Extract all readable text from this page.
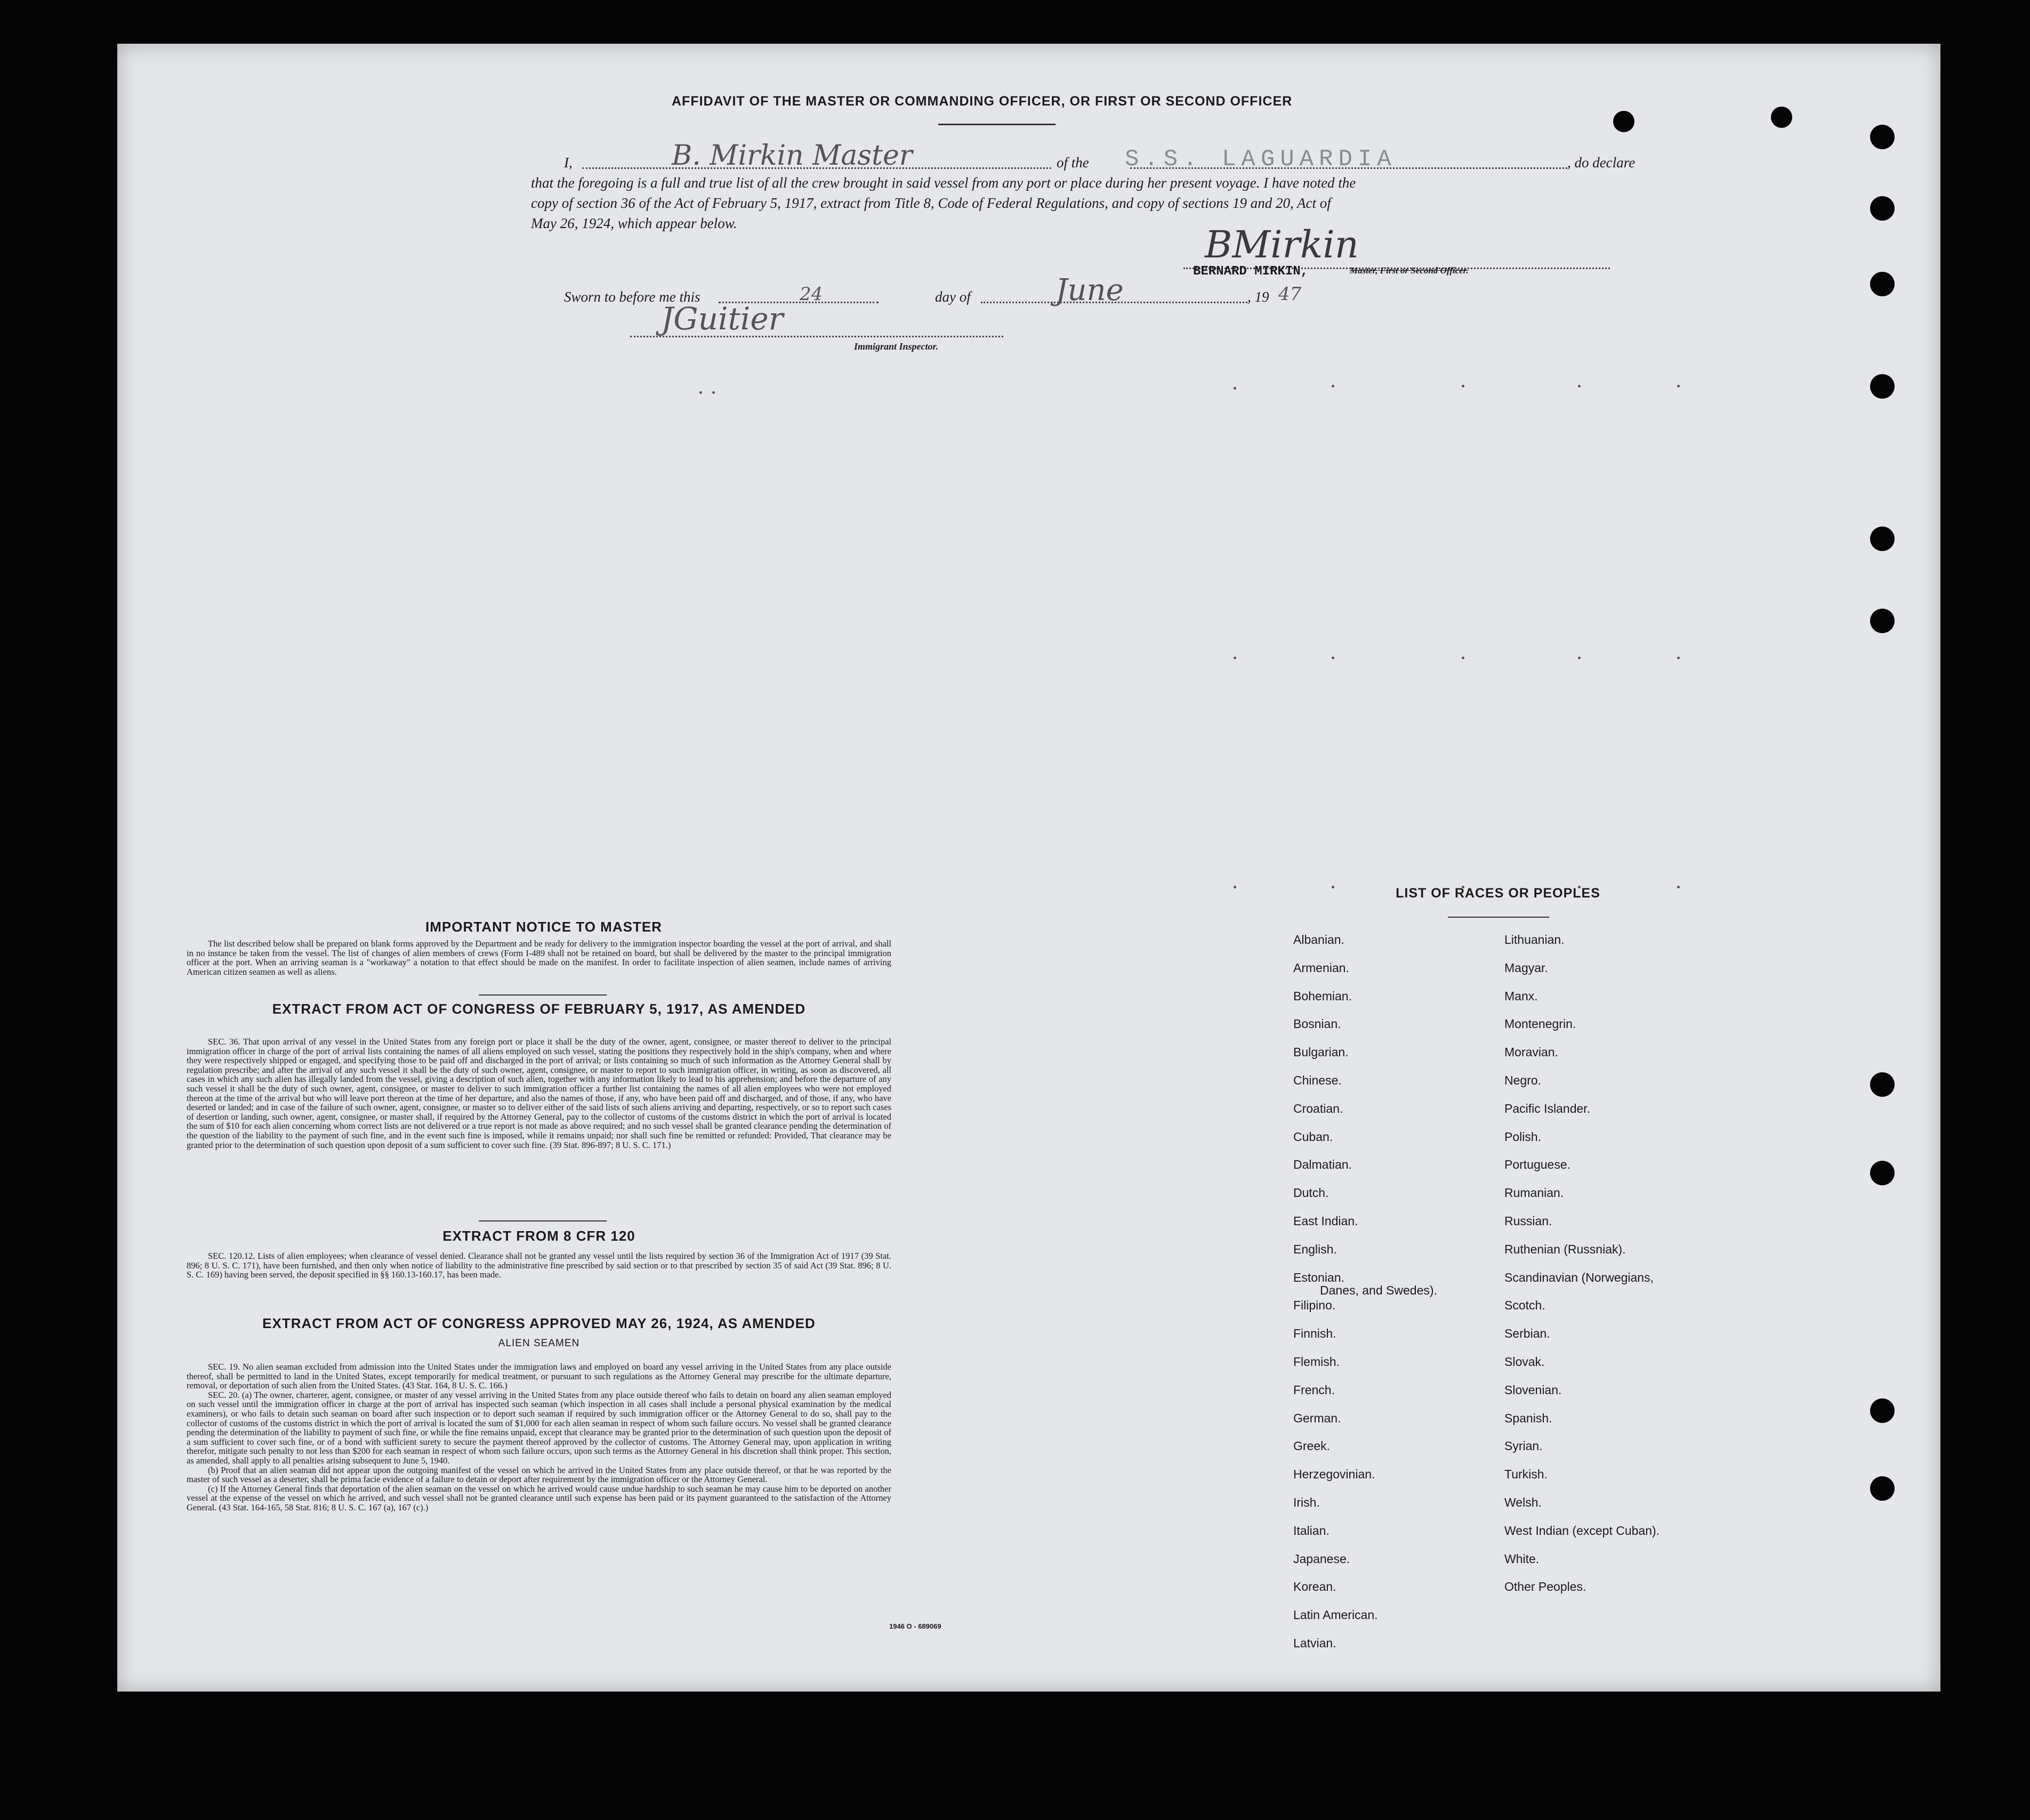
AFFIDAVIT OF THE MASTER OR COMMANDING OFFICER, OR FIRST OR SECOND OFFICER
I,	B. Mirkin Master	of the S.S. LAGUARDIA	, do declare
that the foregoing is a full and true list of all the crew brought in said vessel from any port or place during her present voyage. I have noted the
copy of section 36 of the Act of February 5, 1917, extract from Title 8, Code of Federal Regulations, and copy of sections 19 and 20, Act of
May 26, 1924, which appear below.	BMirkin
BERNARD MIRKIN,	Master, First or Second Officer.
Sworn to before me this	24	day of	June	, 19 47
JGuitier
Immigrant Inspector.
IMPORTANT NOTICE TO MASTER

The list described below shall be prepared on blank forms approved by the Department and be ready for delivery to the immigration inspector boarding the vessel at the port of arrival, and shall in no instance be taken from the vessel. The list of changes of alien members of crews (Form I-489 shall not be retained on board, but shall be delivered by the master to the principal immigration officer at the port. When an arriving seaman is a "workaway" a notation to that effect should be made on the manifest. In order to facilitate inspection of alien seamen, include names of arriving American citizen seamen as well as aliens.

EXTRACT FROM ACT OF CONGRESS OF FEBRUARY 5, 1917, AS AMENDED

SEC. 36. That upon arrival of any vessel in the United States from any foreign port or place it shall be the duty of the owner, agent, consignee, or master thereof to deliver to the principal immigration officer in charge of the port of arrival lists containing the names of all aliens employed on such vessel, stating the positions they respectively hold in the ship's company, when and where they were respectively shipped or engaged, and specifying those to be paid off and discharged in the port of arrival; or lists containing so much of such information as the Attorney General shall by regulation prescribe; and after the arrival of any such vessel it shall be the duty of such owner, agent, consignee, or master to report to such immigration officer, in writing, as soon as discovered, all cases in which any such alien has illegally landed from the vessel, giving a description of such alien, together with any information likely to lead to his apprehension; and before the departure of any such vessel it shall be the duty of such owner, agent, consignee, or master to deliver to such immigration officer a further list containing the names of all alien employees who were not employed thereon at the time of the arrival but who will leave port thereon at the time of her departure, and also the names of those, if any, who have been paid off and discharged, and of those, if any, who have deserted or landed; and in case of the failure of such owner, agent, consignee, or master so to deliver either of the said lists of such aliens arriving and departing, respectively, or so to report such cases of desertion or landing, such owner, agent, consignee, or master shall, if required by the Attorney General, pay to the collector of customs of the customs district in which the port of arrival is located the sum of $10 for each alien concerning whom correct lists are not delivered or a true report is not made as above required; and no such vessel shall be granted clearance pending the determination of the question of the liability to the payment of such fine, and in the event such fine is imposed, while it remains unpaid; nor shall such fine be remitted or refunded: Provided, That clearance may be granted prior to the determination of such question upon deposit of a sum sufficient to cover such fine. (39 Stat. 896-897; 8 U. S. C. 171.)

EXTRACT FROM 8 CFR 120

SEC. 120.12. Lists of alien employees; when clearance of vessel denied. Clearance shall not be granted any vessel until the lists required by section 36 of the Immigration Act of 1917 (39 Stat. 896; 8 U. S. C. 171), have been furnished, and then only when notice of liability to the administrative fine prescribed by said section or to that prescribed by section 35 of said Act (39 Stat. 896; 8 U. S. C. 169) having been served, the deposit specified in §§ 160.13-160.17, has been made.

EXTRACT FROM ACT OF CONGRESS APPROVED MAY 26, 1924, AS AMENDED
ALIEN SEAMEN

SEC. 19. No alien seaman excluded from admission into the United States under the immigration laws and employed on board any vessel arriving in the United States from any place outside thereof, shall be permitted to land in the United States, except temporarily for medical treatment, or pursuant to such regulations as the Attorney General may prescribe for the ultimate departure, removal, or deportation of such alien from the United States. (43 Stat. 164, 8 U. S. C. 166.)

SEC. 20. (a) The owner, charterer, agent, consignee, or master of any vessel arriving in the United States from any place outside thereof who fails to detain on board any alien seaman employed on such vessel until the immigration officer in charge at the port of arrival has inspected such seaman (which inspection in all cases shall include a personal physical examination by the medical examiners), or who fails to detain such seaman on board after such inspection or to deport such seaman if required by such immigration officer or the Attorney General to do so, shall pay to the collector of customs of the customs district in which the port of arrival is located the sum of $1,000 for each alien seaman in respect of whom such failure occurs. No vessel shall be granted clearance pending the determination of the liability to payment of such fine, or while the fine remains unpaid, except that clearance may be granted prior to the determination of such question upon the deposit of a sum sufficient to cover such fine, or of a bond with sufficient surety to secure the payment thereof approved by the collector of customs. The Attorney General may, upon application in writing therefor, mitigate such penalty to not less than $200 for each seaman in respect of whom such failure occurs, upon such terms as the Attorney General in his discretion shall think proper. This section, as amended, shall apply to all penalties arising subsequent to June 5, 1940.

(b) Proof that an alien seaman did not appear upon the outgoing manifest of the vessel on which he arrived in the United States from any place outside thereof, or that he was reported by the master of such vessel as a deserter, shall be prima facie evidence of a failure to detain or deport after requirement by the immigration officer or the Attorney General.

(c) If the Attorney General finds that deportation of the alien seaman on the vessel on which he arrived would cause undue hardship to such seaman he may cause him to be deported on another vessel at the expense of the vessel on which he arrived, and such vessel shall not be granted clearance until such expense has been paid or its payment guaranteed to the satisfaction of the Attorney General. (43 Stat. 164-165, 58 Stat. 816; 8 U. S. C. 167 (a), 167 (c).)

1946 O - 689069
LIST OF RACES OR PEOPLES
Albanian.
Armenian.
Bohemian.
Bosnian.
Bulgarian.
Chinese.
Croatian.
Cuban.
Dalmatian.
Dutch.
East Indian.
English.
Estonian.
Filipino.
Finnish.
Flemish.
French.
German.
Greek.
Herzegovinian.
Irish.
Italian.
Japanese.
Korean.
Latin American.
Latvian.
Lithuanian.
Magyar.
Manx.
Montenegrin.
Moravian.
Negro.
Pacific Islander.
Polish.
Portuguese.
Rumanian.
Russian.
Ruthenian (Russniak).
Scandinavian (Norwegians,
Danes, and Swedes).
Scotch.
Serbian.
Slovak.
Slovenian.
Spanish.
Syrian.
Turkish.
Welsh.
West Indian (except Cuban).
White.
Other Peoples.
